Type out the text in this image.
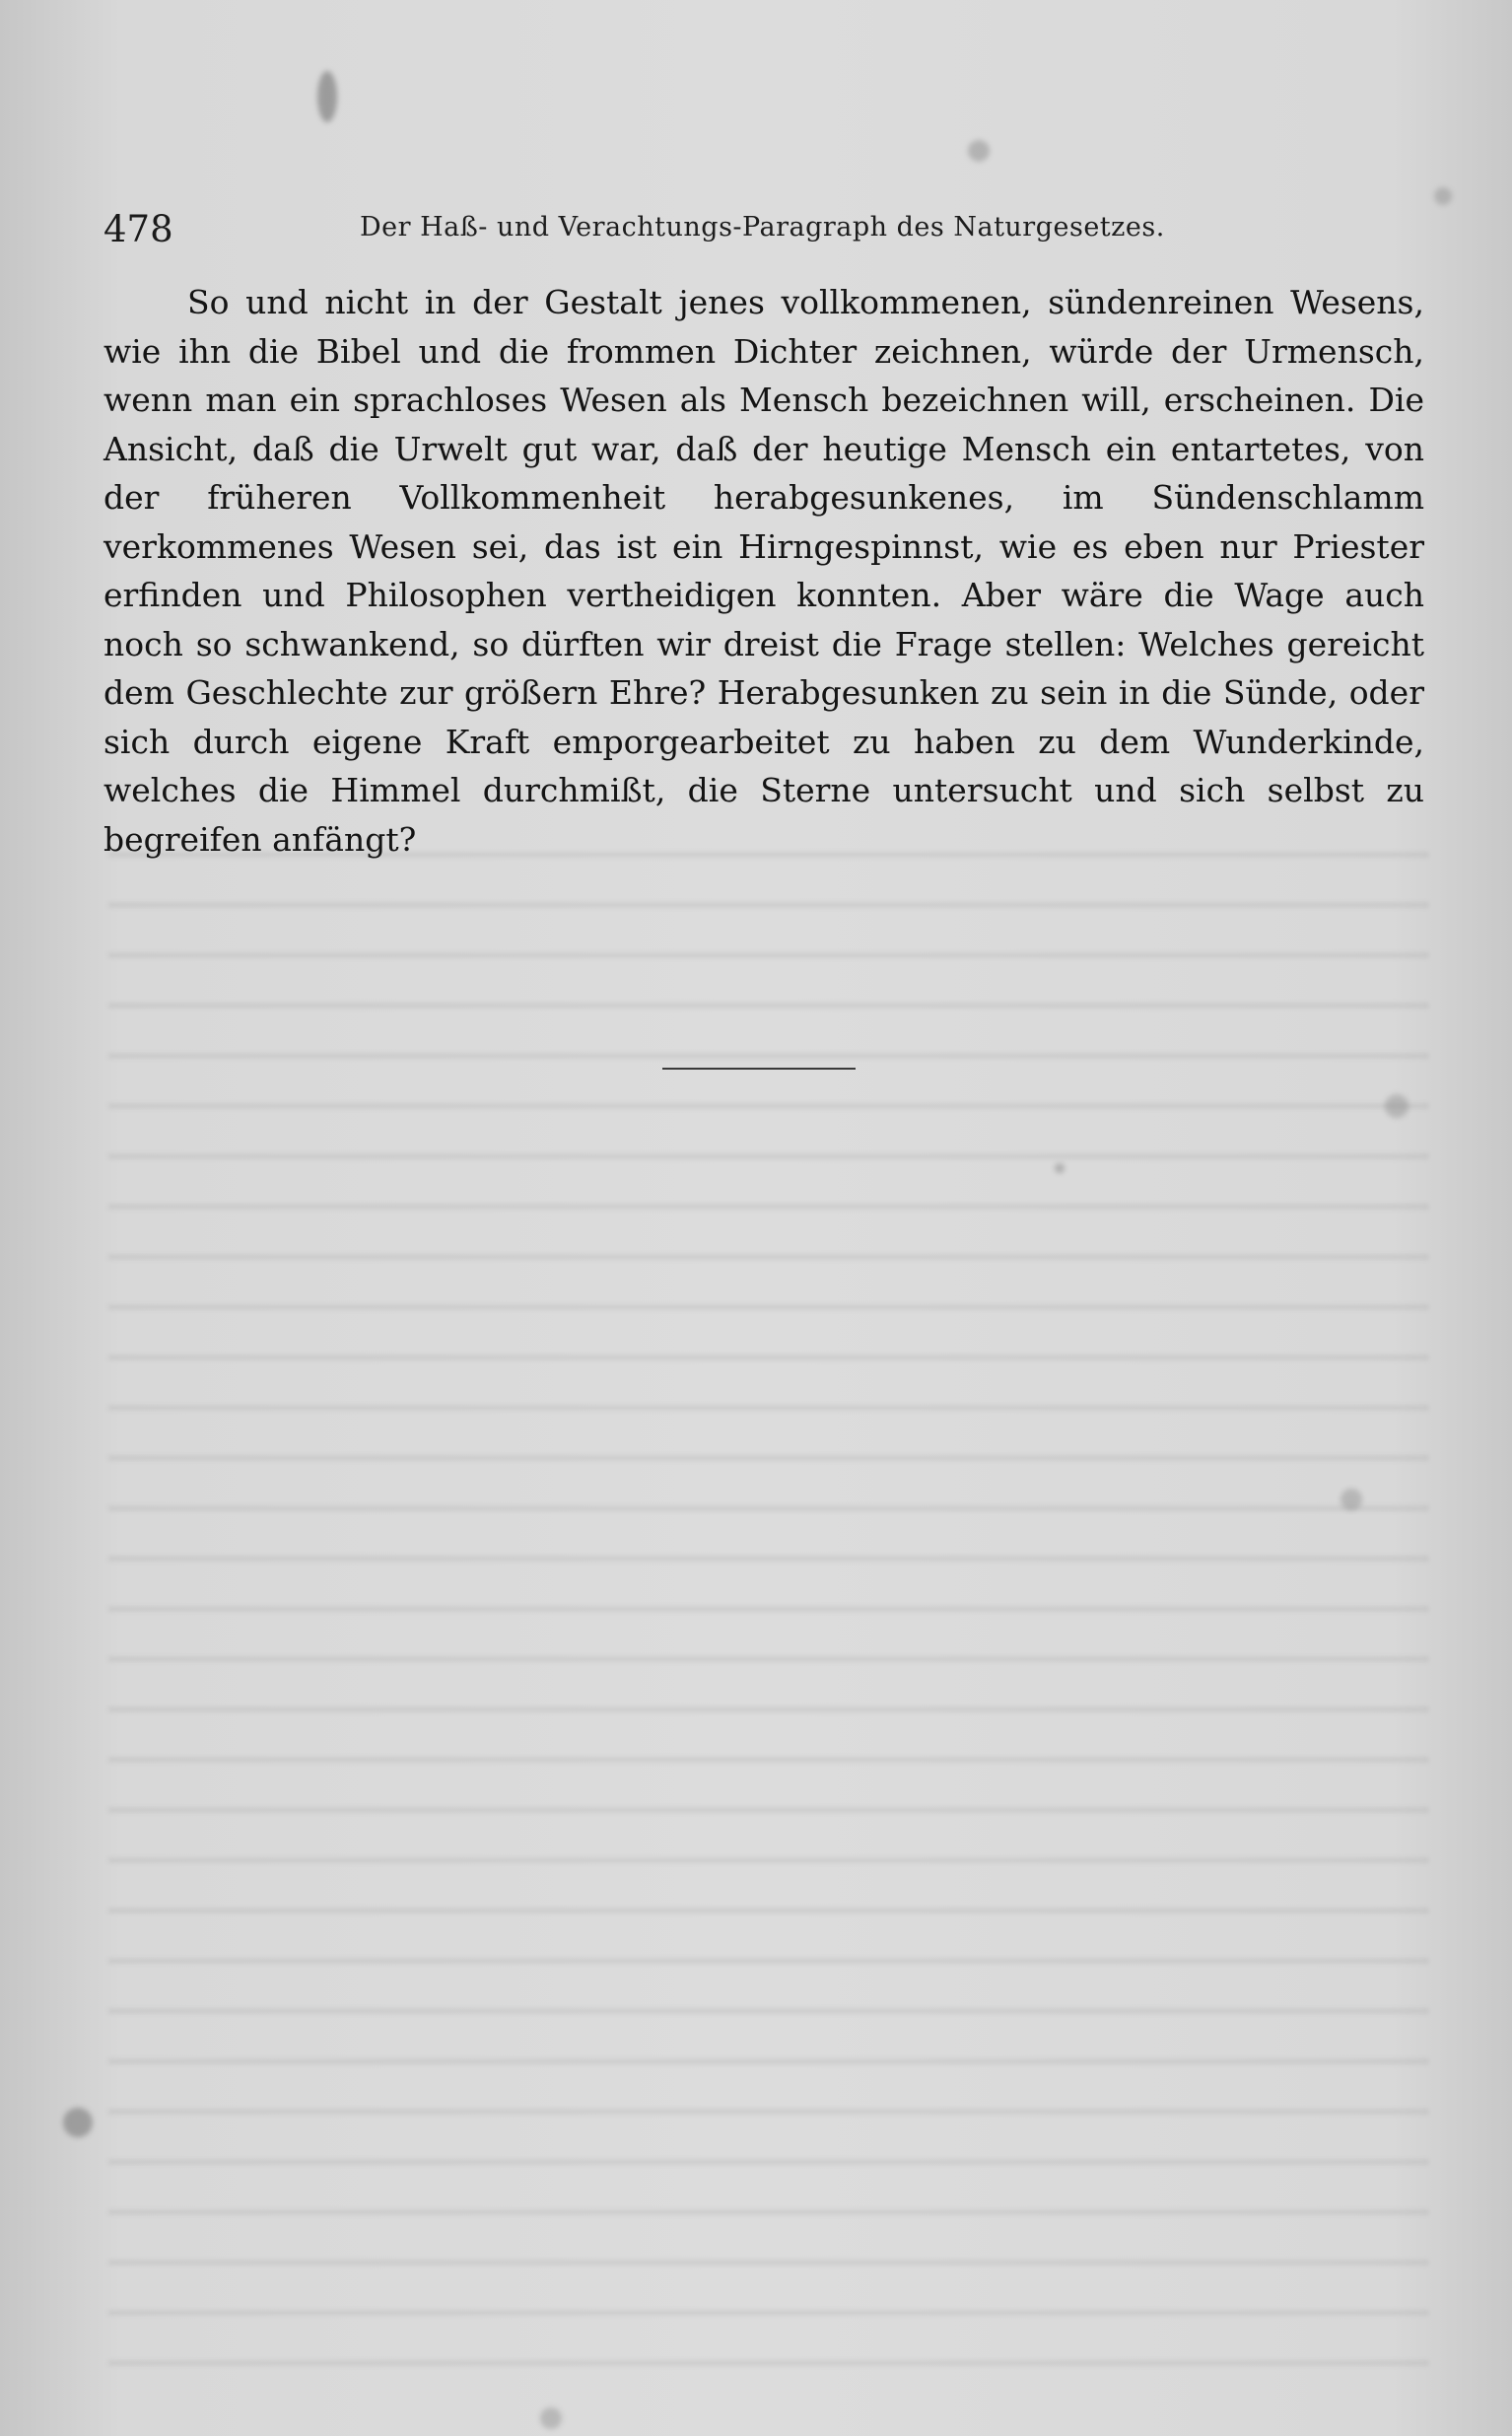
478	Der Haß- und Verachtungs-Paragraph des Naturgesetzes.

So und nicht in der Gestalt jenes vollkommenen, sündenreinen Wesens, wie ihn die Bibel und die frommen Dichter zeichnen, würde der Urmensch, wenn man ein sprachloses Wesen als Mensch bezeichnen will, erscheinen. Die Ansicht, daß die Urwelt gut war, daß der heutige Mensch ein entartetes, von der früheren Vollkommenheit herabgesunkenes, im Sündenschlamm verkommenes Wesen sei, das ist ein Hirngespinnst, wie es eben nur Priester erfinden und Philosophen vertheidigen konnten. Aber wäre die Wage auch noch so schwankend, so dürften wir dreist die Frage stellen: Welches gereicht dem Geschlechte zur größern Ehre? Herabgesunken zu sein in die Sünde, oder sich durch eigene Kraft emporgearbeitet zu haben zu dem Wunderkinde, welches die Himmel durchmißt, die Sterne untersucht und sich selbst zu begreifen anfängt?
